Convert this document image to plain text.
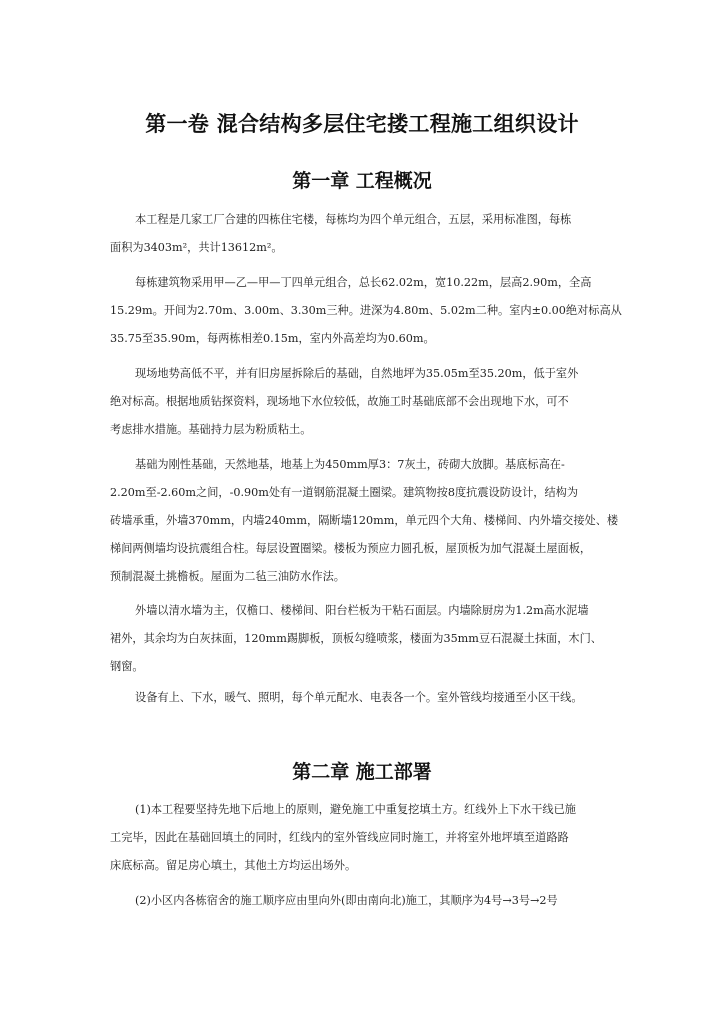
第一卷 混合结构多层住宅搂工程施工组织设计
第一章 工程概况
本工程是几家工厂合建的四栋住宅楼，每栋均为四个单元组合，五层，采用标准图，每栋
面积为3403m²，共计13612m²。
每栋建筑物采用甲—乙—甲—丁四单元组合，总长62.02m，宽10.22m，层高2.90m，全高
15.29m。开间为2.70m、3.00m、3.30m三种。进深为4.80m、5.02m二种。室内±0.00绝对标高从
35.75至35.90m，每两栋相差0.15m，室内外高差均为0.60m。
现场地势高低不平，并有旧房屋拆除后的基础，自然地坪为35.05m至35.20m，低于室外
绝对标高。根据地质钻探资料，现场地下水位较低，故施工时基础底部不会出现地下水，可不
考虑排水措施。基础持力层为粉质粘土。
基础为刚性基础，天然地基，地基上为450mm厚3：7灰土，砖砌大放脚。基底标高在-
2.20m至-2.60m之间，-0.90m处有一道钢筋混凝土圈梁。建筑物按8度抗震设防设计，结构为
砖墙承重，外墙370mm，内墙240mm，隔断墙120mm，单元四个大角、楼梯间、内外墙交接处、楼
梯间两侧墙均设抗震组合柱。每层设置圈梁。楼板为预应力圆孔板，屋顶板为加气混凝土屋面板，
预制混凝土挑檐板。屋面为二毡三油防水作法。
外墙以清水墙为主，仅檐口、楼梯间、阳台栏板为干粘石面层。内墙除厨房为1.2m高水泥墙
裙外，其余均为白灰抹面，120mm踢脚板，顶板勾缝喷浆，楼面为35mm豆石混凝土抹面，木门、
钢窗。
设备有上、下水，暖气、照明，每个单元配水、电表各一个。室外管线均接通至小区干线。
第二章 施工部署
(1)本工程要坚持先地下后地上的原则，避免施工中重复挖填土方。红线外上下水干线已施
工完毕，因此在基础回填土的同时，红线内的室外管线应同时施工，并将室外地坪填至道路路
床底标高。留足房心填土，其他土方均运出场外。
(2)小区内各栋宿舍的施工顺序应由里向外(即由南向北)施工，其顺序为4号→3号→2号
